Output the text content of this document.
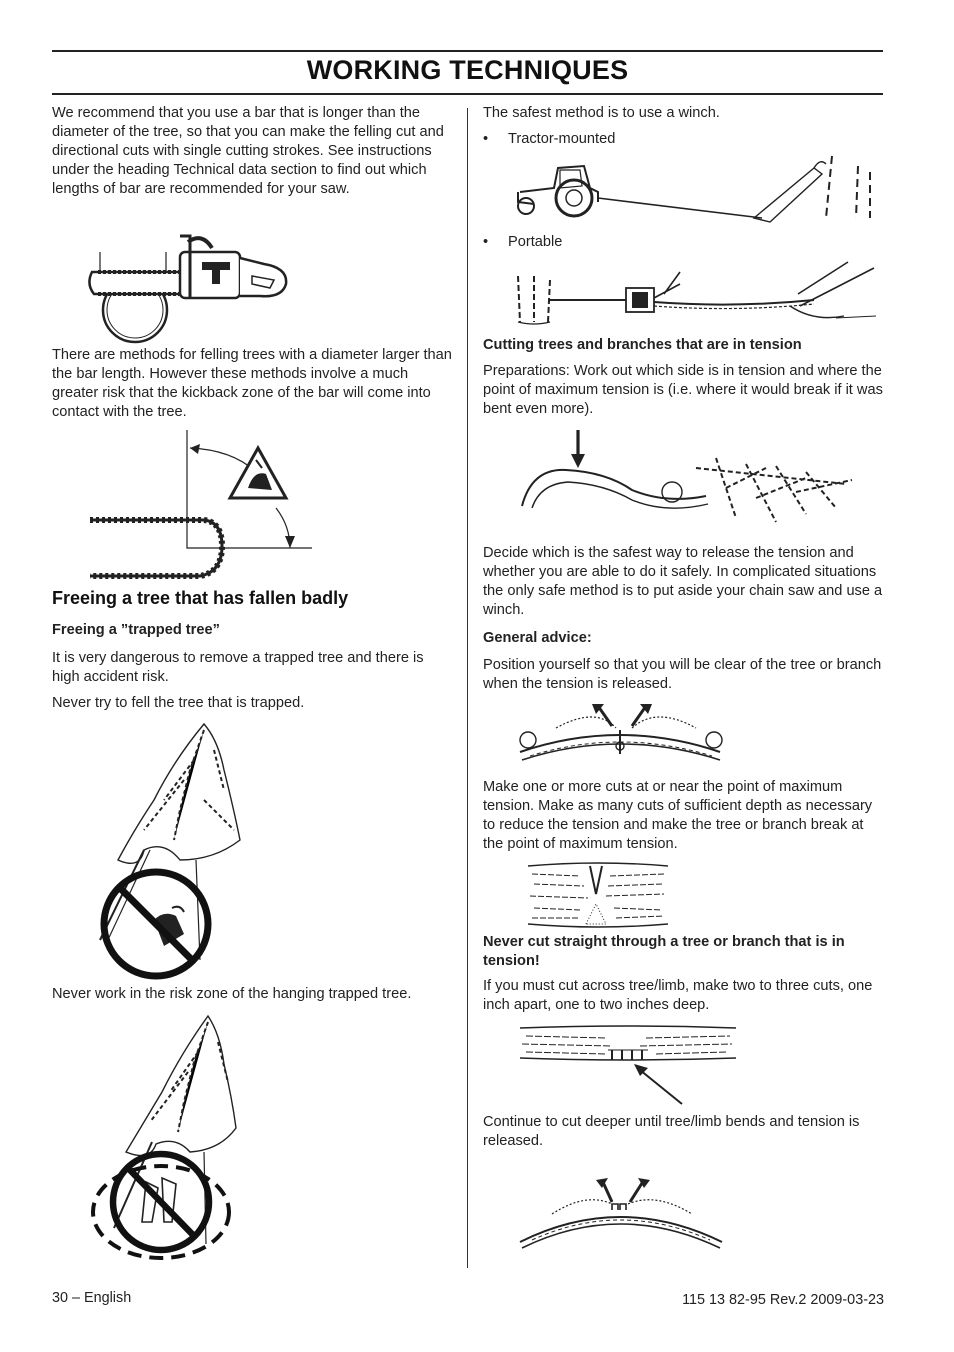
WORKING TECHNIQUES

We recommend that you use a bar that is longer than the diameter of the tree, so that you can make the felling cut and directional cuts with single cutting strokes. See instructions under the heading Technical data section to find out which lengths of bar are recommended for your saw.

There are methods for felling trees with a diameter larger than the bar length. However these methods involve a much greater risk that the kickback zone of the bar will come into contact with the tree.

Freeing a tree that has fallen badly

Freeing a ”trapped tree”

It is very dangerous to remove a trapped tree and there is high accident risk.

Never try to fell the tree that is trapped.

Never work in the risk zone of the hanging trapped tree.

The safest method is to use a winch.

• Tractor-mounted
• Portable

Cutting trees and branches that are in tension

Preparations: Work out which side is in tension and where the point of maximum tension is (i.e. where it would break if it was bent even more).

Decide which is the safest way to release the tension and whether you are able to do it safely. In complicated situations the only safe method is to put aside your chain saw and use a winch.

General advice:

Position yourself so that you will be clear of the tree or branch when the tension is released.

Make one or more cuts at or near the point of maximum tension. Make as many cuts of sufficient depth as necessary to reduce the tension and make the tree or branch break at the point of maximum tension.

Never cut straight through a tree or branch that is in tension!

If you must cut across tree/limb, make two to three cuts, one inch apart, one to two inches deep.

Continue to cut deeper until tree/limb bends and tension is released.

30 – English	115 13 82-95 Rev.2 2009-03-23
